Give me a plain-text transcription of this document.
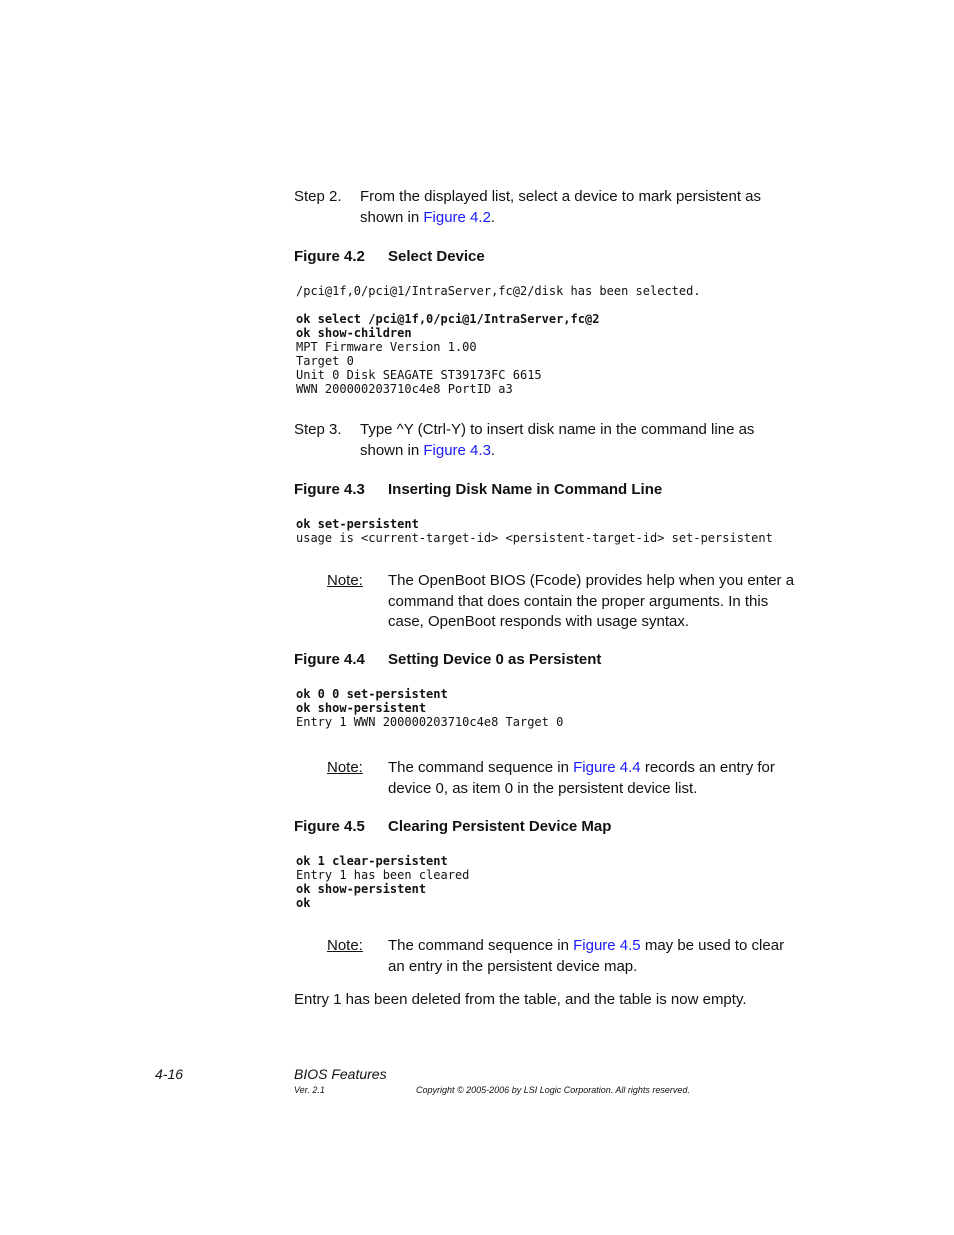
Step 2. From the displayed list, select a device to mark persistent as shown in Figure 4.2.
Figure 4.2 Select Device
/pci@1f,0/pci@1/IntraServer,fc@2/disk has been selected.

ok select /pci@1f,0/pci@1/IntraServer,fc@2
ok show-children
MPT Firmware Version 1.00
Target 0
Unit 0 Disk SEAGATE ST39173FC 6615
WWN 200000203710c4e8 PortID a3
Step 3. Type ^Y (Ctrl-Y) to insert disk name in the command line as shown in Figure 4.3.
Figure 4.3 Inserting Disk Name in Command Line
ok set-persistent
usage is <current-target-id> <persistent-target-id> set-persistent
Note: The OpenBoot BIOS (Fcode) provides help when you enter a command that does contain the proper arguments. In this case, OpenBoot responds with usage syntax.
Figure 4.4 Setting Device 0 as Persistent
ok 0 0 set-persistent
ok show-persistent
Entry 1 WWN 200000203710c4e8 Target 0
Note: The command sequence in Figure 4.4 records an entry for device 0, as item 0 in the persistent device list.
Figure 4.5 Clearing Persistent Device Map
ok 1 clear-persistent
Entry 1 has been cleared
ok show-persistent
ok
Note: The command sequence in Figure 4.5 may be used to clear an entry in the persistent device map.
Entry 1 has been deleted from the table, and the table is now empty.
4-16	BIOS Features
Ver. 2.1	Copyright © 2005-2006 by LSI Logic Corporation. All rights reserved.
